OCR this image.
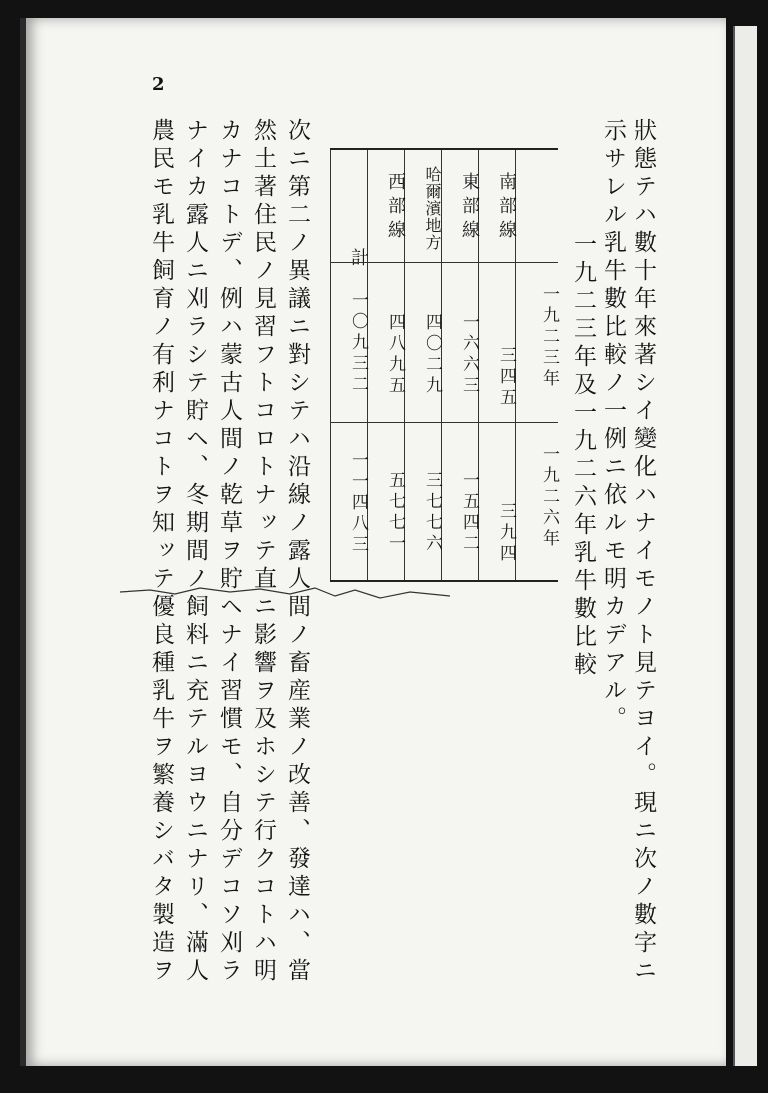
2
狀態テハ數十年來著シイ變化ハナイモノト見テヨイ。現ニ次ノ數字ニ
示サレル乳牛數比較ノ一例ニ依ルモ明カデアル。
一九二三年及一九二六年乳牛數比較
一九二三年
一九二六年
南部線
三四五
三九四
東部線
一六六三
一五四二
哈爾濱地方
四〇二九
三七七六
西部線
四八九五
五七七一
計
一〇九三二
一一四八三
次ニ第二ノ異議ニ對シテハ沿線ノ露人間ノ畜産業ノ改善、發達ハ、當
然土著住民ノ見習フトコロトナッテ直ニ影響ヲ及ホシテ行クコトハ明
カナコトデ、例ハ蒙古人間ノ乾草ヲ貯ヘナイ習慣モ、自分デコソ刈ラ
ナイカ露人ニ刈ラシテ貯ヘ、冬期間ノ飼料ニ充テルヨウニナリ、滿人
農民モ乳牛飼育ノ有利ナコトヲ知ッテ優良種乳牛ヲ繁養シバタ製造ヲ
